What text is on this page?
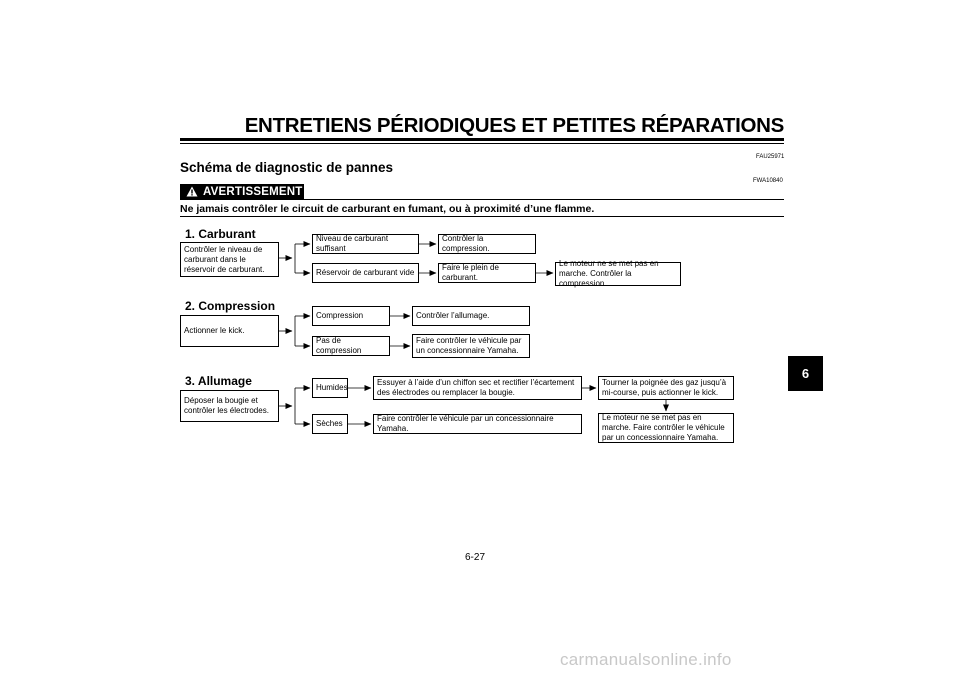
ENTRETIENS PÉRIODIQUES ET PETITES RÉPARATIONS
FAU25971
Schéma de diagnostic de pannes
FWA10840
AVERTISSEMENT
Ne jamais contrôler le circuit de carburant en fumant, ou à proximité d’une flamme.
1. Carburant
Contrôler le niveau de carburant dans le réservoir de carburant.
Niveau de carburant suffisant
Contrôler la compression.
Réservoir de carburant vide
Faire le plein de carburant.
Le moteur ne se met pas en marche. Contrôler la compression.
2. Compression
Actionner le kick.
Compression	Contrôler l’allumage.
Pas de compression
Faire contrôler le véhicule par un concessionnaire Yamaha.
3. Allumage
Déposer la bougie et contrôler les électrodes.
Humides
Essuyer à l’aide d’un chiffon sec et rectifier l’écartement des électrodes ou remplacer la bougie.
Tourner la poignée des gaz jusqu’à mi-course, puis actionner le kick.
Le moteur ne se met pas en marche. Faire contrôler le véhicule par un concessionnaire Yamaha.
Sèches
Faire contrôler le véhicule par un concessionnaire Yamaha.
6
6-27
carmanualsonline.info
